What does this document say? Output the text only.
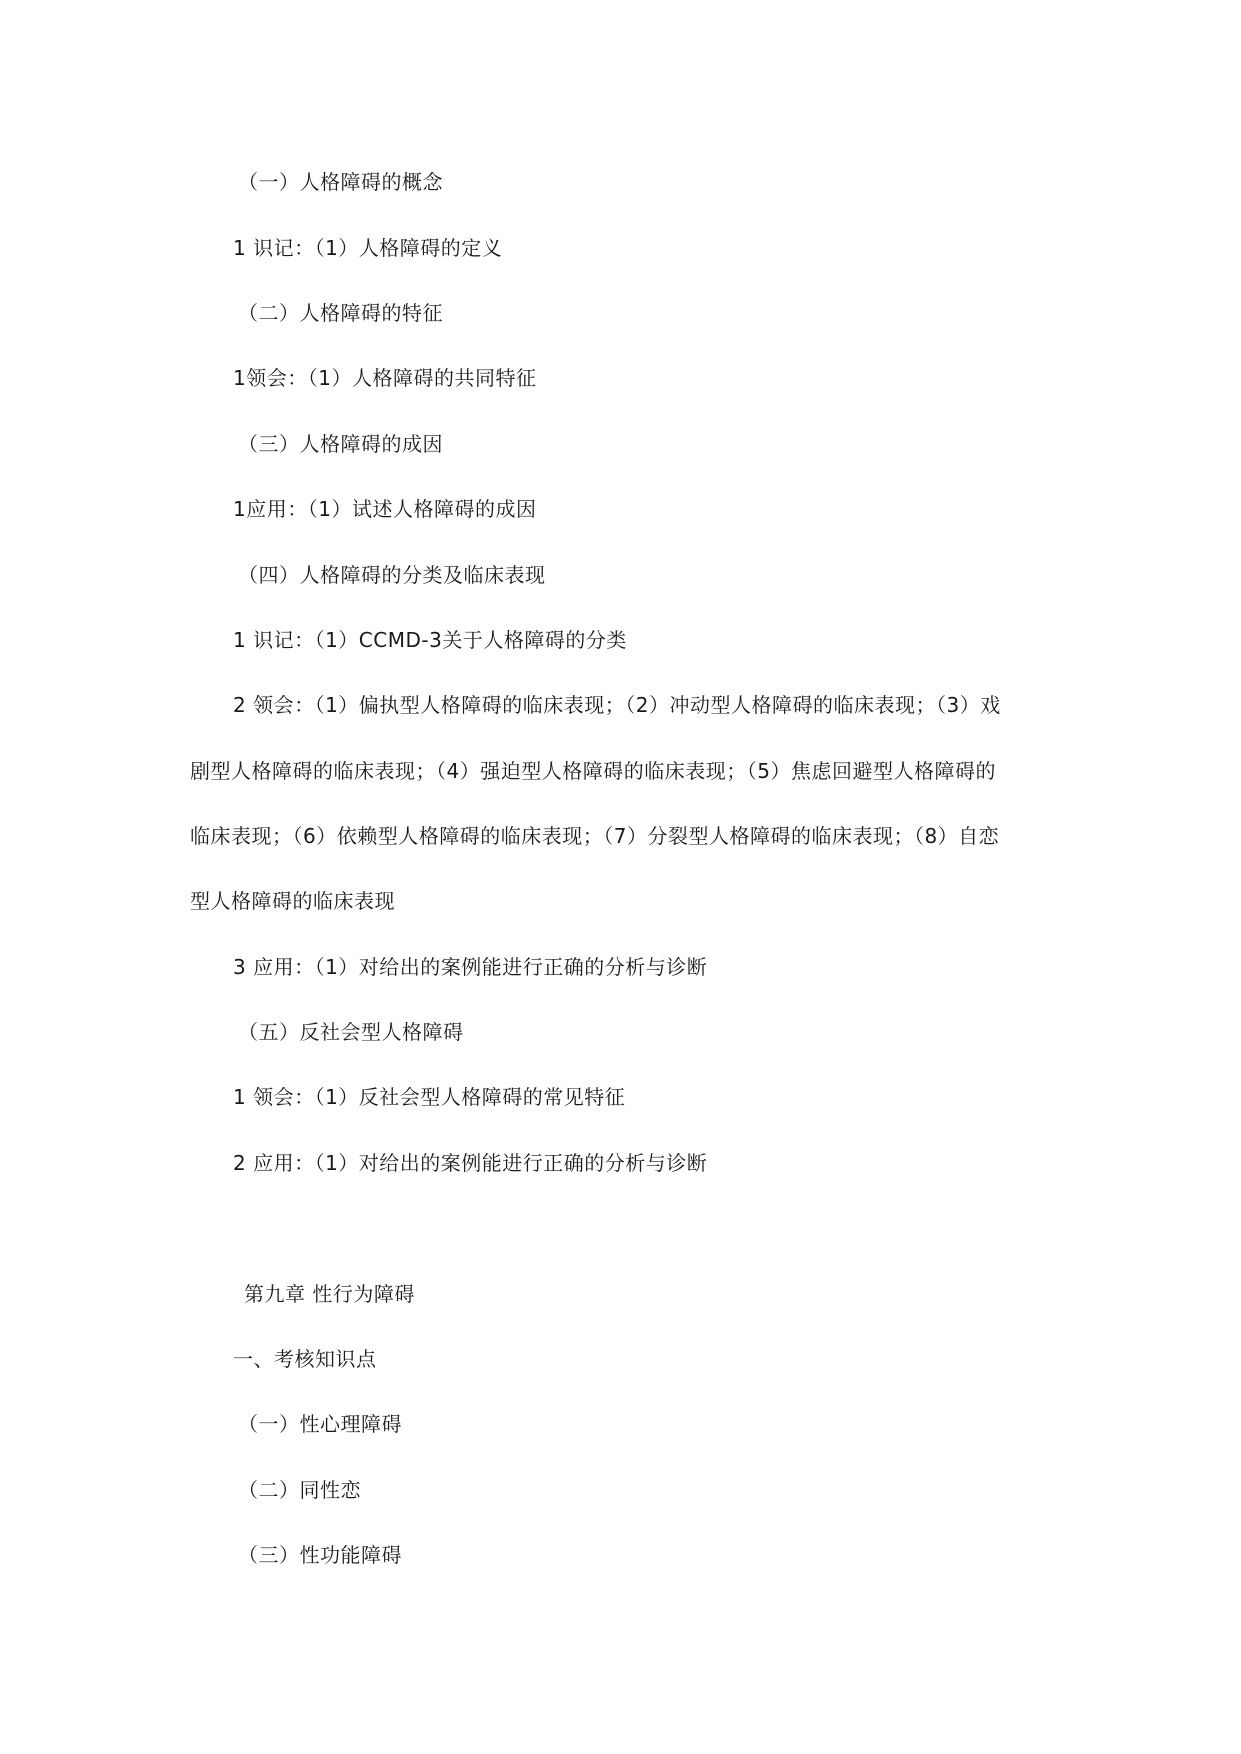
（一）人格障碍的概念
1 识记：（1）人格障碍的定义
（二）人格障碍的特征
1领会：（1）人格障碍的共同特征
（三）人格障碍的成因
1应用：（1）试述人格障碍的成因
（四）人格障碍的分类及临床表现
1 识记：（1）CCMD-3关于人格障碍的分类
2 领会：（1）偏执型人格障碍的临床表现；（2）冲动型人格障碍的临床表现；（3）戏
剧型人格障碍的临床表现；（4）强迫型人格障碍的临床表现；（5）焦虑回避型人格障碍的
临床表现；（6）依赖型人格障碍的临床表现；（7）分裂型人格障碍的临床表现；（8）自恋
型人格障碍的临床表现
3 应用：（1）对给出的案例能进行正确的分析与诊断
（五）反社会型人格障碍
1 领会：（1）反社会型人格障碍的常见特征
2 应用：（1）对给出的案例能进行正确的分析与诊断
第九章 性行为障碍
一、考核知识点
（一）性心理障碍
（二）同性恋
（三）性功能障碍
